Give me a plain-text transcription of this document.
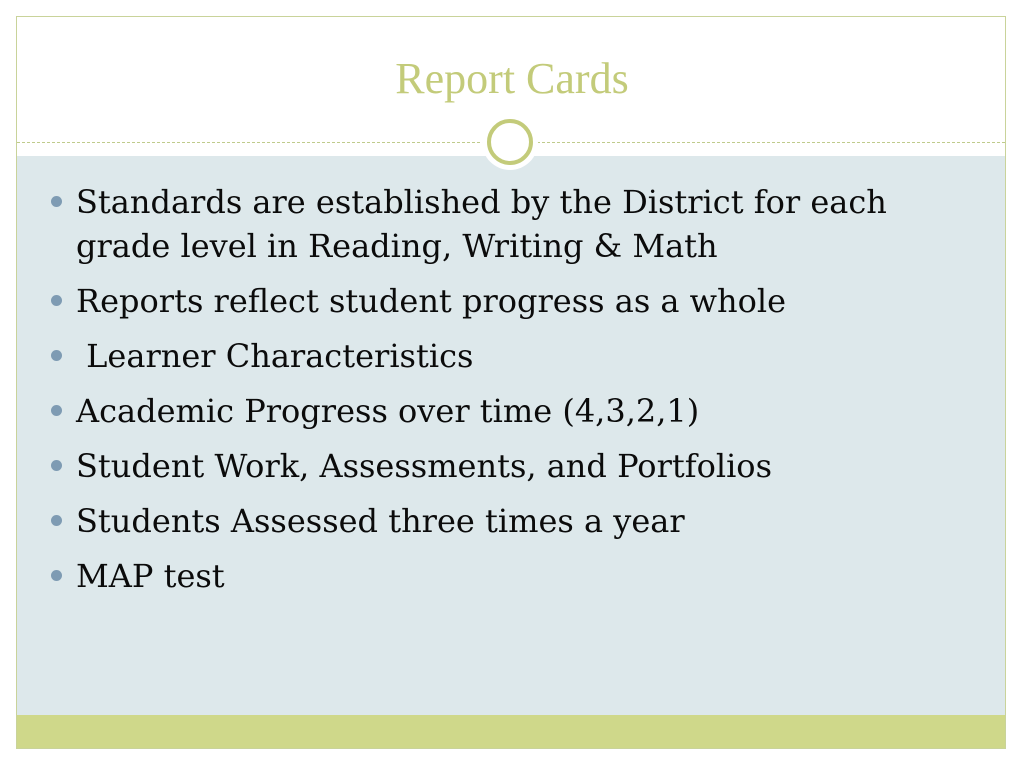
Report Cards
Standards are established by the District for each grade level in Reading, Writing & Math
Reports reflect student progress as a whole
Learner Characteristics
Academic Progress over time (4,3,2,1)
Student Work, Assessments, and Portfolios
Students Assessed three times a year
MAP test
